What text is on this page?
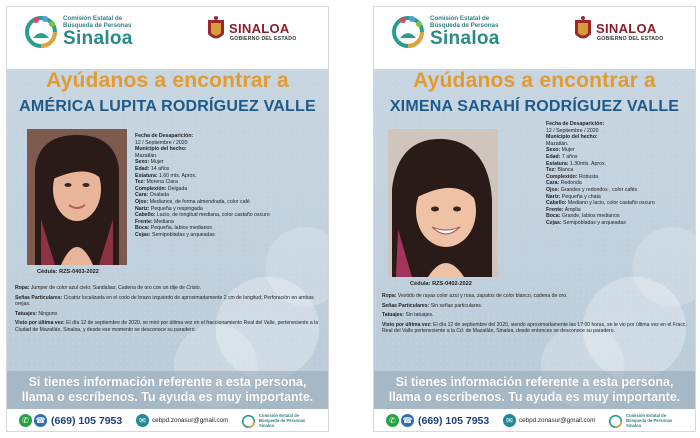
Comisión Estatal de
Búsqueda de Personas
Sinaloa	SINALOA
GOBIERNO DEL ESTADO
Ayúdanos a encontrar a
AMÉRICA LUPITA RODRÍGUEZ VALLE
Cédula: RZS-0403-2022
Fecha de Desaparición:
12 / Septiembre / 2020
Municipio del hecho:
Mazatlán.
Sexo: Mujer
Edad: 14 años
Estatura: 1.60 mts. Aprox.
Tez: Morena Clara
Complexión: Delgada
Cara: Ovalada
Ojos: Medianos, de forma almendrada, color café
Nariz: Pequeña y respingada
Cabello: Lacio, de longitud mediana, color castaño oscuro
Frente: Mediana
Boca: Pequeña, labios medianos
Cejas: Semipobladas y arqueadas

Ropa: Jumper de color azul cielo; Sandalias; Cadena de oro con un dije de Cristo.

Señas Particulares: Cicatriz localizada en el codo de brazo izquierdo de aproximadamente 2 cm de longitud; Perforación en ambas orejas.

Tatuajes: Ninguno

Visto por última vez: El día 12 de septiembre de 2020, se miró por última vez en el fraccionamiento Real del Valle, perteneciente a la Ciudad de Mazatlán, Sinaloa, y desde ese momento se desconoce su paradero.

Si tienes información referente a esta persona,
llama o escríbenos. Tu ayuda es muy importante.
✆ ☎ (669) 105 7953	✉ cebpd.zonasur@gmail.com
Comisión Estatal de
Búsqueda de Personas
Sinaloa
Comisión Estatal de
Búsqueda de Personas
Sinaloa	SINALOA
GOBIERNO DEL ESTADO
Ayúdanos a encontrar a
XIMENA SARAHÍ RODRÍGUEZ VALLE
Cédula: RZS-0402-2022
Fecha de Desaparición:
12 / Septiembre / 2020
Municipio del hecho:
Mazatlán.
Sexo: Mujer
Edad: 7 años
Estatura: 1.30mts. Aprox.
Tez: Blanca
Complexión: Robusta
Cara: Redonda
Ojos: Grandes y redondos , color cafés
Nariz: Pequeña y chata
Cabello: Mediano y lacio, color castaño oscuro
Frente: Amplia
Boca: Grande, labios medianos
Cejas: Semipobladas y arqueadas

Ropa: Vestido de rayas color azul y rosa, zapatos de color blanco, cadena de oro.

Señas Particulares: Sin señas particulares.

Tatuajes: Sin tatuajes.

Visto por última vez: El día 12 de septiembre del 2020, siendo aproximadamente las 17:00 horas, se le vio por última vez en el Fracc. Real del Valle perteneciente a la Cd. de Mazatlán, Sinaloa, desde entonces se desconoce su paradero.

Si tienes información referente a esta persona,
llama o escríbenos. Tu ayuda es muy importante.
✆ ☎ (669) 105 7953	✉ cebpd.zonasur@gmail.com
Comisión Estatal de
Búsqueda de Personas
Sinaloa
